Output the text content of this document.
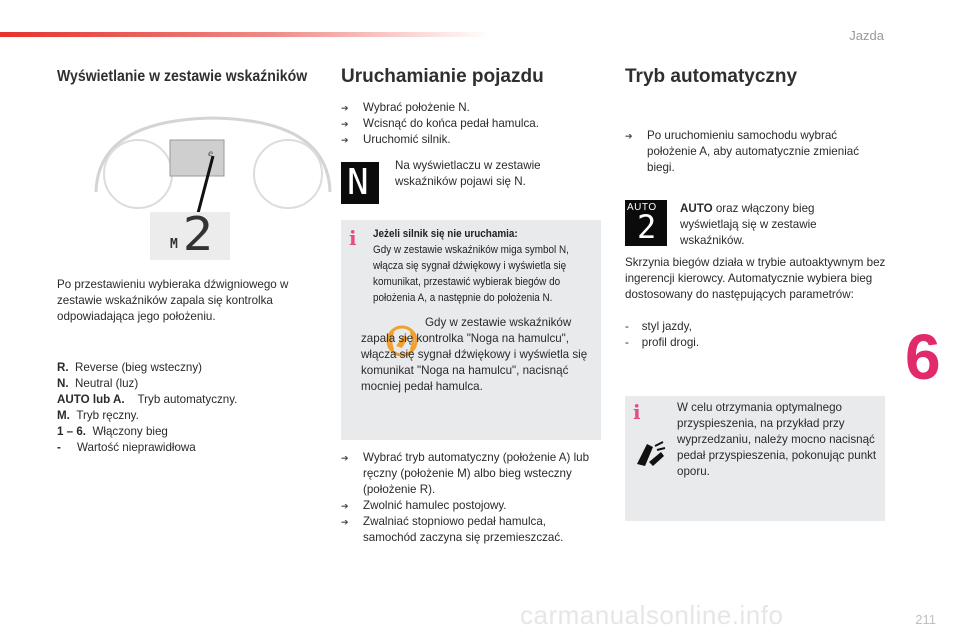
Jazda
Wyświetlanie w zestawie wskaźników
ⅇ
M 2

Po przestawieniu wybieraka dźwigniowego w zestawie wskaźników zapala się kontrolka odpowiadająca jego położeniu.

R. Reverse (bieg wsteczny)
N. Neutral (luz)
AUTO lub A. Tryb automatyczny.
M. Tryb ręczny.
1 – 6. Włączony bieg
- Wartość nieprawidłowa
Uruchamianie pojazdu
➔ Wybrać położenie N.
➔ Wcisnąć do końca pedał hamulca.
➔ Uruchomić silnik.
N Na wyświetlaczu w zestawie wskaźników pojawi się N.

i Jeżeli silnik się nie uruchamia:
Gdy w zestawie wskaźników miga symbol N, włącza się sygnał dźwiękowy i wyświetla się komunikat, przestawić wybierak biegów do położenia A, a następnie do położenia N.

Gdy w zestawie wskaźników zapala się kontrolka "Noga na hamulcu", włącza się sygnał dźwiękowy i wyświetla się komunikat "Noga na hamulcu", nacisnąć mocniej pedał hamulca.

➔ Wybrać tryb automatyczny (położenie A) lub ręczny (położenie M) albo bieg wsteczny (położenie R).
➔ Zwolnić hamulec postojowy.
➔ Zwalniać stopniowo pedał hamulca, samochód zaczyna się przemieszczać.
Tryb automatyczny
➔ Po uruchomieniu samochodu wybrać położenie A, aby automatycznie zmieniać biegi.
AUTO
2 AUTO oraz włączony bieg wyświetlają się w zestawie wskaźników.

Skrzynia biegów działa w trybie autoaktywnym bez ingerencji kierowcy. Automatycznie wybiera bieg dostosowany do następujących parametrów:

-    styl jazdy,
-    profil drogi.
i	W celu otrzymania optymalnego przyspieszenia, na przykład przy wyprzedzaniu, należy mocno nacisnąć pedał przyspieszenia, pokonując punkt oporu.

6
carmanualsonline.info	211
